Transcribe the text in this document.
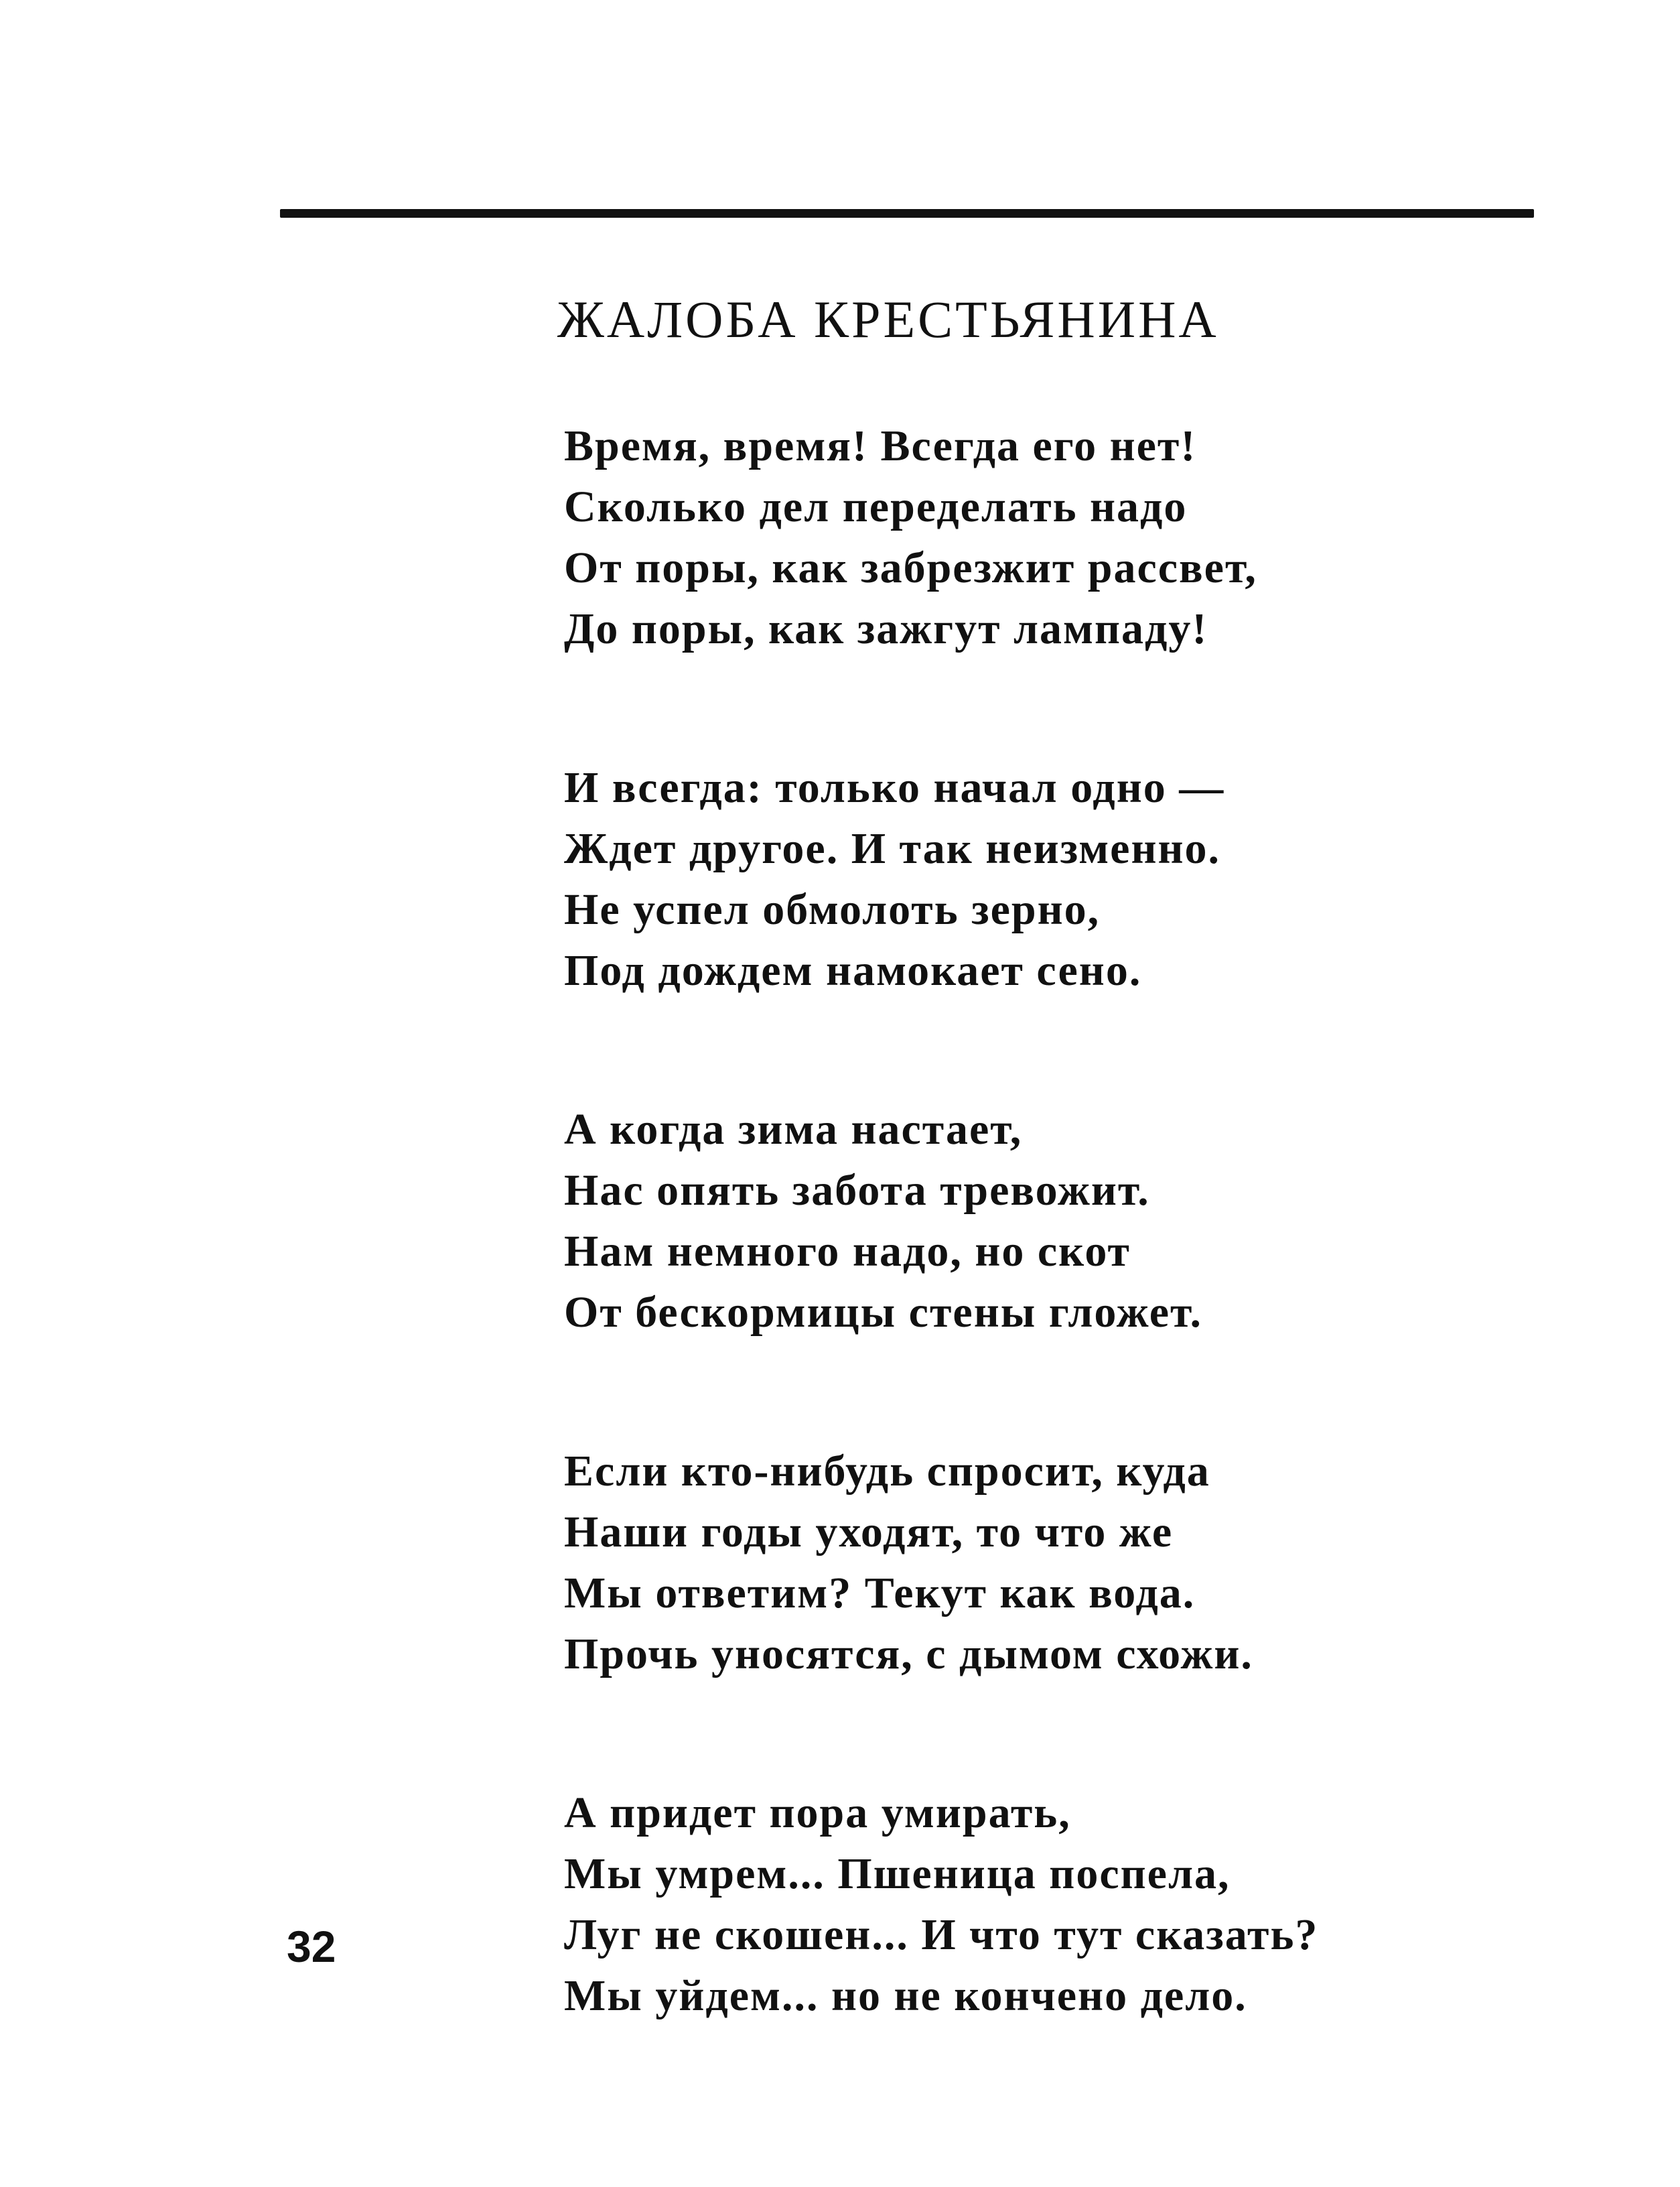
ЖАЛОБА КРЕСТЬЯНИНА
Время, время! Всегда его нет!
Сколько дел переделать надо
От поры, как забрезжит рассвет,
До поры, как зажгут лампаду!
И всегда: только начал одно —
Ждет другое. И так неизменно.
Не успел обмолоть зерно,
Под дождем намокает сено.
А когда зима настает,
Нас опять забота тревожит.
Нам немного надо, но скот
От бескормицы стены гложет.
Если кто-нибудь спросит, куда
Наши годы уходят, то что же
Мы ответим? Текут как вода.
Прочь уносятся, с дымом схожи.
А придет пора умирать,
Мы умрем... Пшеница поспела,
Луг не скошен... И что тут сказать?
Мы уйдем... но не кончено дело.
32
